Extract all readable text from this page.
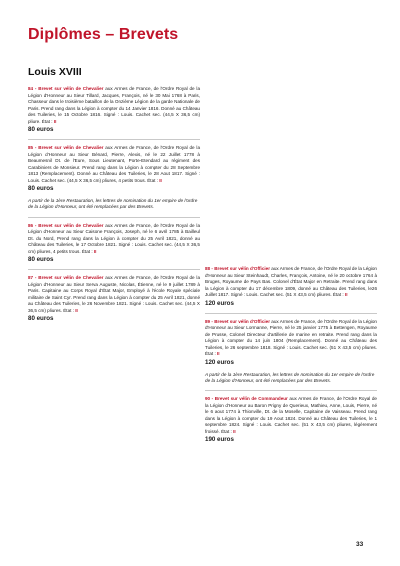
Diplômes – Brevets
Louis XVIII
84 - Brevet sur vélin de Chevalier aux Armes de France, de l'Ordre Royal de la Légion d'Honneur au Sieur Tillard, Jacques, François, né le 30 Mai 1768 à Paris, Chasseur dans le troisième bataillon de la Onzième Légion de la garde Nationale de Paris. Prend rang dans la Légion à compter du 14 Janvier 1816. Donné au Château des Tuileries, le 15 Octobre 1816. Signé : Louis. Cachet sec. (44,5 X 36,5 cm) pliure. État : II
80 euros
85 - Brevet sur vélin de Chevalier aux Armes de France, de l'Ordre Royal de la Légion d'Honneur au Sieur Bénard, Pierre, Alexis, né le 22 Juillet 1778 à Beaumesnil Dt. de l'Eure, Sous Lieutenant, Porte-Etendard au régiment des Carabiniers de Monsieur. Prend rang dans la Légion à compter du 28 Septembre 1813 (Remplacement). Donné au Château des Tuileries, le 28 Aout 1817. Signé : Louis. Cachet sec. (44,5 X 36,5 cm) pliures, 4 petits trous. État : II
80 euros
A partir de la 1ère Restauration, les lettres de nomination du 1er empire de l'ordre de la Légion d'Honneur, ont été remplacées par des Brevets.
86 - Brevet sur vélin de Chevalier aux Armes de France, de l'Ordre Royal de la Légion d'Honneur au Sieur Caisone François, Joseph, né le 6 avril 1785 à Bailleul Dt. du Nord, Prend rang dans la Légion à compter du 25 Avril 1821, donné au Château des Tuileries, le 17 Octobre 1821. Signé : Louis. Cachet sec. (44,5 X 36,5 cm) pliures, 4 petits trous. État : II
80 euros
87 - Brevet sur vélin de Chevalier aux Armes de France, de l'Ordre Royal de la Légion d'Honneur au Sieur Serva Auguste, Nicolas, Étienne, né le 9 juillet 1789 à Paris. Capitaine au Corps Royal d'État Major, Employé à l'école Royale spéciale militaire de Saint Cyr. Prend rang dans la Légion à compter du 25 Avril 1821, donné au Château des Tuileries, le 26 Novembre 1821. Signé : Louis. Cachet sec. (44,5 X 36,5 cm) pliures. État : II
80 euros
88 - Brevet sur vélin d'Officier aux Armes de France, de l'Ordre Royal de la Légion d'Honneur au Sieur Steinhaudt, Charles, François, Antoine, né le 20 octobre 1764 à Bruges, Royaume de Pays Bas. Colonel d'État Major en Retraite. Prend rang dans la Légion à compter du 17 décembre 1809, donné au Château des Tuileries, le26 Juillet 1817. Signé : Louis. Cachet sec. (51 X 43,5 cm) pliures. État : II
120 euros
89 - Brevet sur vélin d'Officier aux Armes de France, de l'Ordre Royal de la Légion d'Honneur au Sieur Lormanne, Pierre, né le 25 janvier 1775 à Bettengen, Royaume de Prusse, Colonel Directeur d'artillerie de marine en retraite. Prend rang dans la Légion à compter du 14 juin 1804 (Remplacement). Donné au Château des Tuileries, le 26 septembre 1818. Signé : Louis. Cachet sec. (51 X 43,5 cm) pliures. État : II
120 euros
A partir de la 1ère Restauration, les lettres de nomination du 1er empire de l'ordre de la Légion d'Honneur, ont été remplacées par des Brevets.
90 - Brevet sur vélin de Commandeur aux Armes de France, de l'Ordre Royal de la Légion d'Honneur au Baron Prigny de Querieux, Mathieu, Anne, Louis, Pierre, né le 6 aout 1774 à Thionville, Dt. de la Moselle, Capitaine de Vaisseau. Prend rang dans la Légion à compter du 19 Aout 1824. Donné au Château des Tuileries, le 1 septembre 1824. Signé : Louis. Cachet sec. (51 X 43,5 cm) pliures, légèrement froissé. État : II
190 euros
33
